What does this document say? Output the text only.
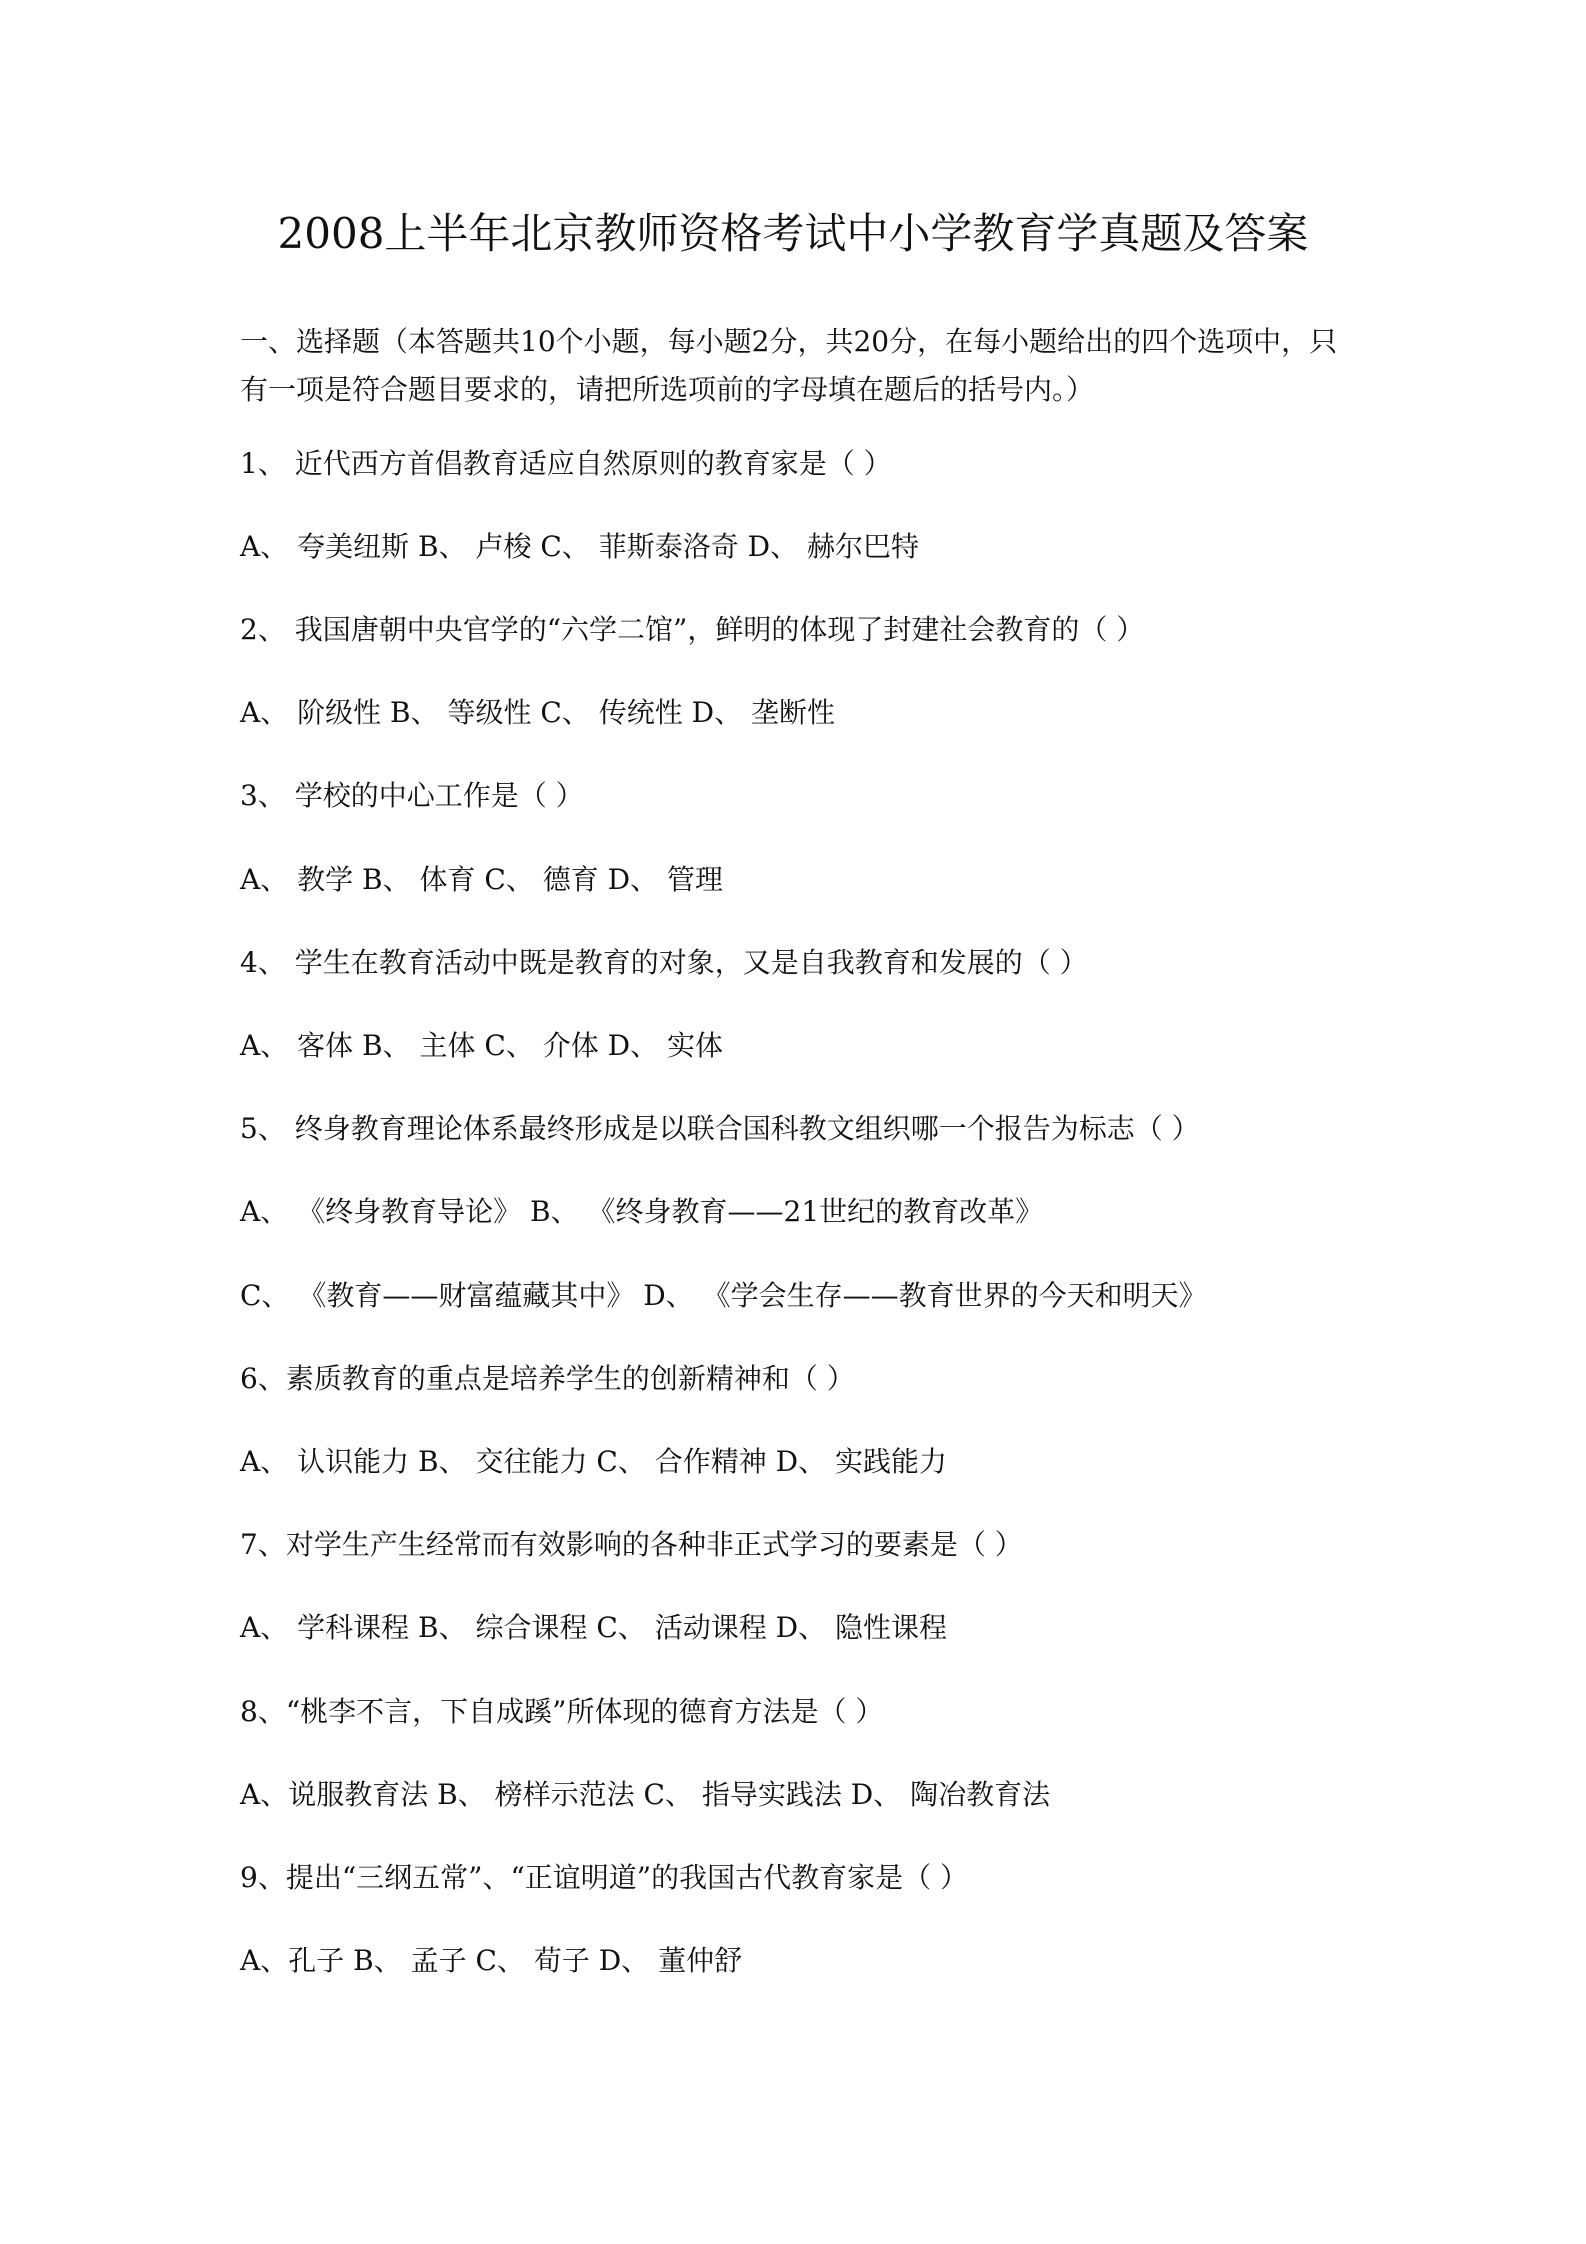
2008上半年北京教师资格考试中小学教育学真题及答案

一、选择题（本答题共10个小题，每小题2分，共20分，在每小题给出的四个选项中，只
有一项是符合题目要求的，请把所选项前的字母填在题后的括号内。）

1、 近代西方首倡教育适应自然原则的教育家是（ ）

A、 夸美纽斯 B、 卢梭 C、 菲斯泰洛奇 D、 赫尔巴特

2、 我国唐朝中央官学的“六学二馆”，鲜明的体现了封建社会教育的（ ）

A、 阶级性 B、 等级性 C、 传统性 D、 垄断性

3、 学校的中心工作是（ ）

A、 教学 B、 体育 C、 德育 D、 管理

4、 学生在教育活动中既是教育的对象，又是自我教育和发展的（ ）

A、 客体 B、 主体 C、 介体 D、 实体

5、 终身教育理论体系最终形成是以联合国科教文组织哪一个报告为标志（ ）

A、 《终身教育导论》 B、 《终身教育——21世纪的教育改革》

C、 《教育——财富蕴藏其中》 D、 《学会生存——教育世界的今天和明天》

6、素质教育的重点是培养学生的创新精神和（ ）

A、 认识能力 B、 交往能力 C、 合作精神 D、 实践能力

7、对学生产生经常而有效影响的各种非正式学习的要素是（ ）

A、 学科课程 B、 综合课程 C、 活动课程 D、 隐性课程

8、“桃李不言，下自成蹊”所体现的德育方法是（ ）

A、说服教育法 B、 榜样示范法 C、 指导实践法 D、 陶冶教育法

9、提出“三纲五常”、“正谊明道”的我国古代教育家是（ ）

A、孔子 B、 孟子 C、 荀子 D、 董仲舒
